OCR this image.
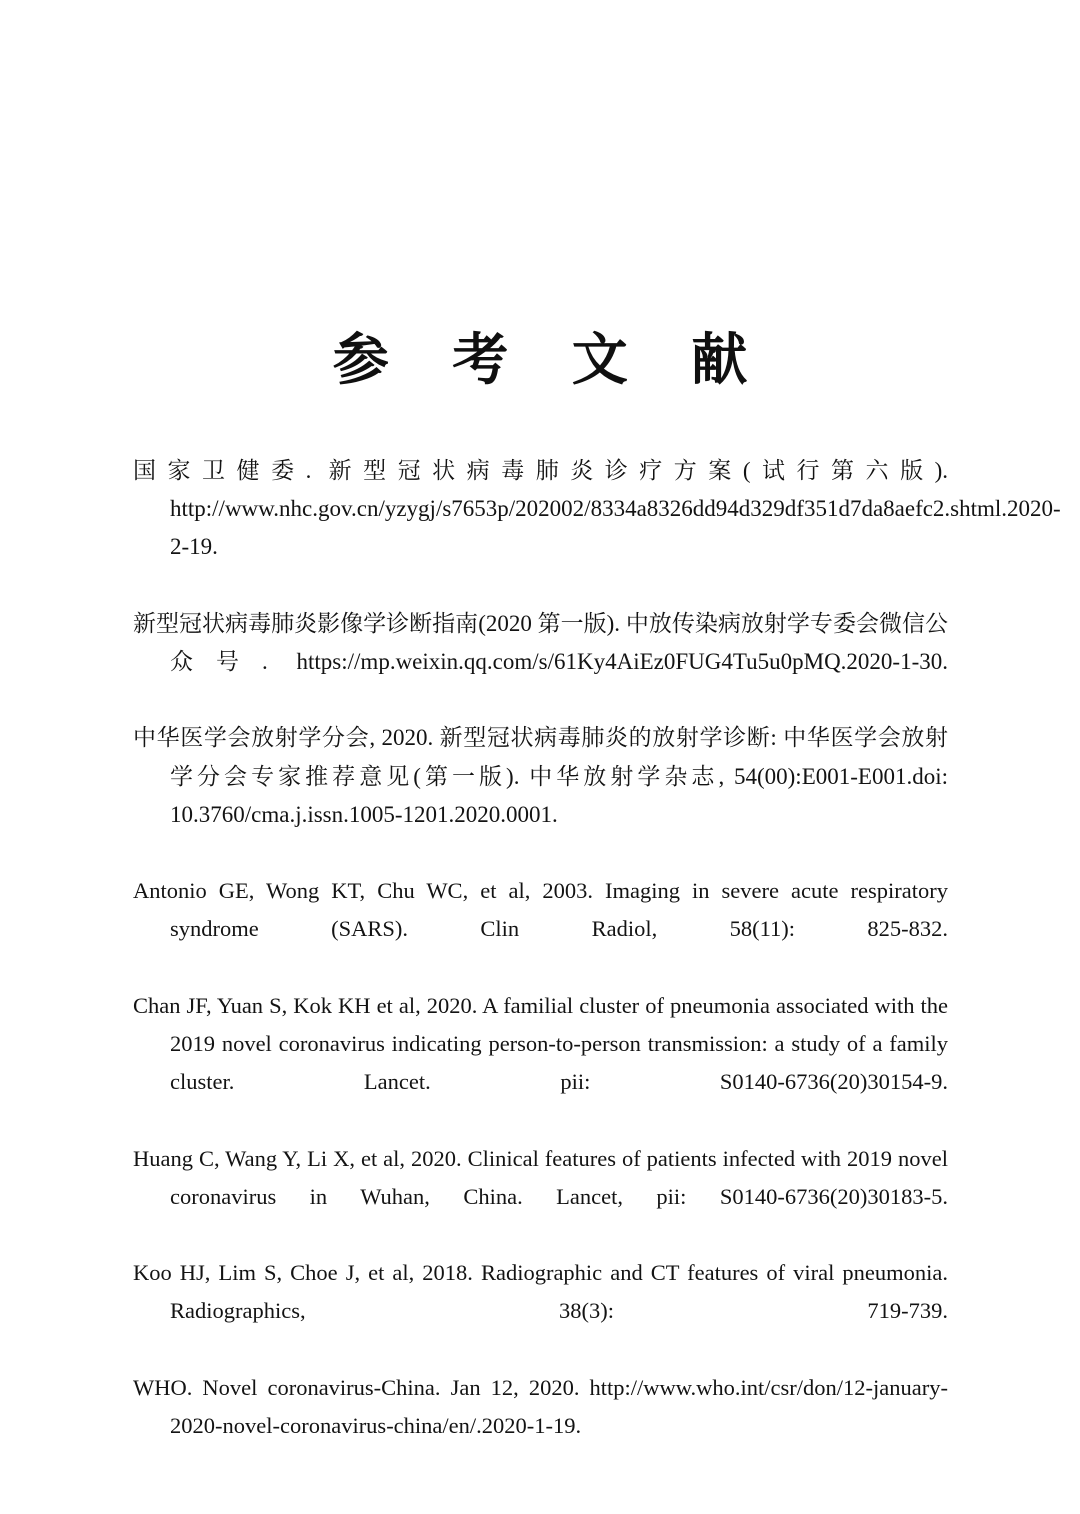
参 考 文 献
国家卫健委. 新型冠状病毒肺炎诊疗方案(试行第六版). http://www.nhc.gov.cn/yzygj/s7653p/202002/8334a8326dd94d329df351d7da8aefc2.shtml.2020-2-19.
新型冠状病毒肺炎影像学诊断指南(2020 第一版). 中放传染病放射学专委会微信公众号. https://mp.weixin.qq.com/s/61Ky4AiEz0FUG4Tu5u0pMQ.2020-1-30.
中华医学会放射学分会, 2020. 新型冠状病毒肺炎的放射学诊断: 中华医学会放射学分会专家推荐意见(第一版). 中华放射学杂志, 54(00):E001-E001.doi: 10.3760/cma.j.issn.1005-1201.2020.0001.
Antonio GE, Wong KT, Chu WC, et al, 2003. Imaging in severe acute respiratory syndrome (SARS). Clin Radiol, 58(11): 825-832.
Chan JF, Yuan S, Kok KH et al, 2020. A familial cluster of pneumonia associated with the 2019 novel coronavirus indicating person-to-person transmission: a study of a family cluster. Lancet. pii: S0140-6736(20)30154-9.
Huang C, Wang Y, Li X, et al, 2020. Clinical features of patients infected with 2019 novel coronavirus in Wuhan, China. Lancet, pii: S0140-6736(20)30183-5.
Koo HJ, Lim S, Choe J, et al, 2018. Radiographic and CT features of viral pneumonia. Radiographics, 38(3): 719-739.
WHO. Novel coronavirus-China. Jan 12, 2020. http://www.who.int/csr/don/12-january-2020-novel-coronavirus-china/en/.2020-1-19.
